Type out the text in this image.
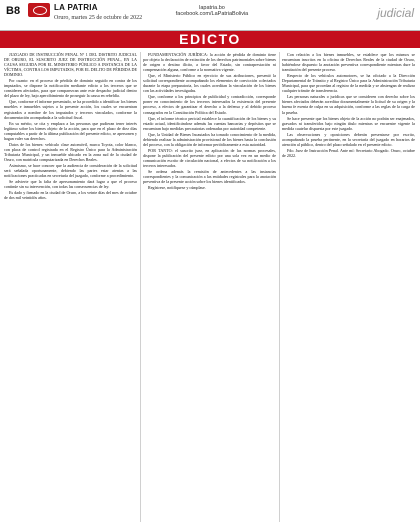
B8	LA PATRIA
Oruro, martes 25 de octubre de 2022
lapatria.bo
facebook.com/LaPatriaBolivia	judicial
EDICTO

JUZGADO DE INSTRUCCIÓN PENAL N° 1 DEL DISTRITO JUDICIAL DE ORURO, EL SUSCRITO JUEZ DE INSTRUCCIÓN PENAL, EN LA CAUSA SEGUIDA POR EL MINISTERIO PÚBLICO A INSTANCIA DE LA VÍCTIMA, CONTRA LOS IMPUTADOS, POR EL DELITO DE PÉRDIDA DE DOMINIO.

Por cuanto: en el proceso de pérdida de dominio seguido en contra de los imputados, se dispone la notificación mediante edicto a los terceros que se consideren afectados, para que comparezcan ante este despacho judicial dentro del plazo de ley, bajo apercibimiento de proseguir la causa en rebeldía.

Que, conforme el informe presentado, se ha procedido a identificar los bienes muebles e inmuebles sujetos a la presente acción, los cuales se encuentran registrados a nombre de los imputados y terceros vinculados, conforme la documentación acompañada a la solicitud fiscal.

En su mérito, se cita y emplaza a las personas que pudieran tener interés legítimo sobre los bienes objeto de la acción, para que en el plazo de diez días computables a partir de la última publicación del presente edicto, se apersonen y hagan valer sus derechos.

Datos de los bienes: vehículo clase automóvil, marca Toyota, color blanco, con placa de control registrada en el Registro Único para la Administración Tributaria Municipal, y un inmueble ubicado en la zona sud de la ciudad de Oruro, con matrícula computarizada en Derechos Reales.

Asimismo, se hace conocer que la audiencia de consideración de la solicitud será señalada oportunamente, debiendo las partes estar atentas a las notificaciones practicadas en secretaría del juzgado, conforme a procedimiento.

Se advierte que la falta de apersonamiento dará lugar a que el proceso continúe sin su intervención, con todas las consecuencias de ley.

Es dado y firmado en la ciudad de Oruro, a los veinte días del mes de octubre de dos mil veintidós años.

FUNDAMENTACIÓN JURÍDICA: la acción de pérdida de dominio tiene por objeto la declaración de extinción de los derechos patrimoniales sobre bienes de origen o destino ilícito, a favor del Estado, sin contraprestación ni compensación alguna, conforme a la normativa vigente.

Que, el Ministerio Público en ejercicio de sus atribuciones, presentó la solicitud correspondiente acompañando los elementos de convicción colectados durante la etapa preparatoria, los cuales acreditan la vinculación de los bienes con las actividades investigadas.

Que, conforme a los principios de publicidad y contradicción, corresponde poner en conocimiento de los terceros interesados la existencia del presente proceso, a efectos de garantizar el derecho a la defensa y al debido proceso consagrados en la Constitución Política del Estado.

Que, el informe técnico pericial establece la cuantificación de los bienes y su estado actual, identificándose además las cuentas bancarias y depósitos que se encuentran bajo medidas precautorias ordenadas por autoridad competente.

Que, la Unidad de Bienes Incautados ha tomado conocimiento de la medida, debiendo realizar la administración provisional de los bienes hasta la conclusión del proceso, con la obligación de informar periódicamente a esta autoridad.

POR TANTO: el suscrito juez, en aplicación de las normas procesales, dispone la publicación del presente edicto por una sola vez en un medio de comunicación escrito de circulación nacional, a efectos de su notificación a los terceros interesados.

Se ordena además la remisión de antecedentes a las instancias correspondientes y la comunicación a las entidades registrales para la anotación preventiva de la presente acción sobre los bienes identificados.

Regístrese, notifíquese y cúmplase.

Con relación a los bienes inmuebles, se establece que los mismos se encuentran inscritos en la oficina de Derechos Reales de la ciudad de Oruro, habiéndose dispuesto la anotación preventiva correspondiente mientras dure la tramitación del presente proceso.

Respecto de los vehículos automotores, se ha oficiado a la Dirección Departamental de Tránsito y al Registro Único para la Administración Tributaria Municipal, para que procedan al registro de la medida y se abstengan de realizar cualquier trámite de transferencia.

Las personas naturales o jurídicas que se consideren con derecho sobre los bienes afectados deberán acreditar documentalmente la licitud de su origen y la buena fe exenta de culpa en su adquisición, conforme a las reglas de la carga de la prueba.

Se hace presente que los bienes objeto de la acción no podrán ser enajenados, gravados ni transferidos bajo ningún título mientras se encuentre vigente la medida cautelar dispuesta por este juzgado.

Las observaciones y oposiciones deberán presentarse por escrito, acompañando la prueba pertinente, en la secretaría del juzgado en horarios de atención al público, dentro del plazo señalado en el presente edicto.

Fdo. Juez de Instrucción Penal. Ante mí: Secretario Abogado. Oruro, octubre de 2022.
